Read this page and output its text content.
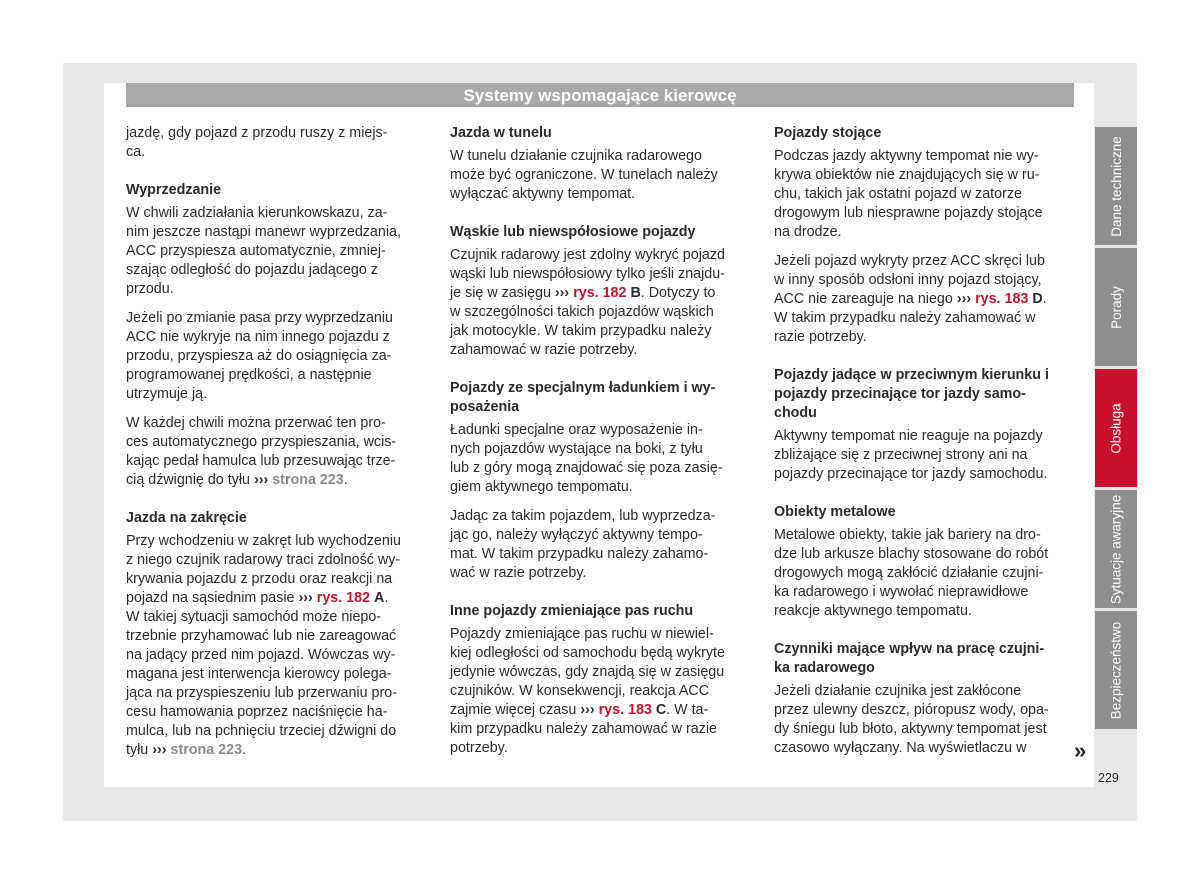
Systemy wspomagające kierowcę

jazdę, gdy pojazd z przodu ruszy z miejs-
ca.

Wyprzedzanie

W chwili zadziałania kierunkowskazu, za-
nim jeszcze nastąpi manewr wyprzedzania,
ACC przyspiesza automatycznie, zmniej-
szając odległość do pojazdu jadącego z
przodu.

Jeżeli po zmianie pasa przy wyprzedzaniu
ACC nie wykryje na nim innego pojazdu z
przodu, przyspiesza aż do osiągnięcia za-
programowanej prędkości, a następnie
utrzymuje ją.

W każdej chwili można przerwać ten pro-
ces automatycznego przyspieszania, wcis-
kając pedał hamulca lub przesuwając trze-
cią dźwignię do tyłu ››› strona 223.

Jazda na zakręcie

Przy wchodzeniu w zakręt lub wychodzeniu
z niego czujnik radarowy traci zdolność wy-
krywania pojazdu z przodu oraz reakcji na
pojazd na sąsiednim pasie ››› rys. 182 A.
W takiej sytuacji samochód może niepo-
trzebnie przyhamować lub nie zareagować
na jadący przed nim pojazd. Wówczas wy-
magana jest interwencja kierowcy polega-
jąca na przyspieszeniu lub przerwaniu pro-
cesu hamowania poprzez naciśnięcie ha-
mulca, lub na pchnięciu trzeciej dźwigni do
tyłu ››› strona 223.

Jazda w tunelu

W tunelu działanie czujnika radarowego
może być ograniczone. W tunelach należy
wyłączać aktywny tempomat.

Wąskie lub niewspółosiowe pojazdy

Czujnik radarowy jest zdolny wykryć pojazd
wąski lub niewspółosiowy tylko jeśli znajdu-
je się w zasięgu ››› rys. 182 B. Dotyczy to
w szczególności takich pojazdów wąskich
jak motocykle. W takim przypadku należy
zahamować w razie potrzeby.

Pojazdy ze specjalnym ładunkiem i wy-
posażenia

Ładunki specjalne oraz wyposażenie in-
nych pojazdów wystające na boki, z tyłu
lub z góry mogą znajdować się poza zasię-
giem aktywnego tempomatu.

Jadąc za takim pojazdem, lub wyprzedza-
jąc go, należy wyłączyć aktywny tempo-
mat. W takim przypadku należy zahamo-
wać w razie potrzeby.

Inne pojazdy zmieniające pas ruchu

Pojazdy zmieniające pas ruchu w niewiel-
kiej odległości od samochodu będą wykryte
jedynie wówczas, gdy znajdą się w zasięgu
czujników. W konsekwencji, reakcja ACC
zajmie więcej czasu ››› rys. 183 C. W ta-
kim przypadku należy zahamować w razie
potrzeby.

Pojazdy stojące

Podczas jazdy aktywny tempomat nie wy-
krywa obiektów nie znajdujących się w ru-
chu, takich jak ostatni pojazd w zatorze
drogowym lub niesprawne pojazdy stojące
na drodze.

Jeżeli pojazd wykryty przez ACC skręci lub
w inny sposób odsłoni inny pojazd stojący,
ACC nie zareaguje na niego ››› rys. 183 D.
W takim przypadku należy zahamować w
razie potrzeby.

Pojazdy jadące w przeciwnym kierunku i
pojazdy przecinające tor jazdy samo-
chodu

Aktywny tempomat nie reaguje na pojazdy
zbliżające się z przeciwnej strony ani na
pojazdy przecinające tor jazdy samochodu.

Obiekty metalowe

Metalowe obiekty, takie jak bariery na dro-
dze lub arkusze blachy stosowane do robót
drogowych mogą zakłócić działanie czujni-
ka radarowego i wywołać nieprawidłowe
reakcje aktywnego tempomatu.

Czynniki mające wpływ na pracę czujni-
ka radarowego

Jeżeli działanie czujnika jest zakłócone
przez ulewny deszcz, pióropusz wody, opa-
dy śniegu lub błoto, aktywny tempomat jest
czasowo wyłączany. Na wyświetlaczu w	»
229
Dane techniczne
Porady
Obsługa
Sytuacje awaryjne
Bezpieczeństwo
